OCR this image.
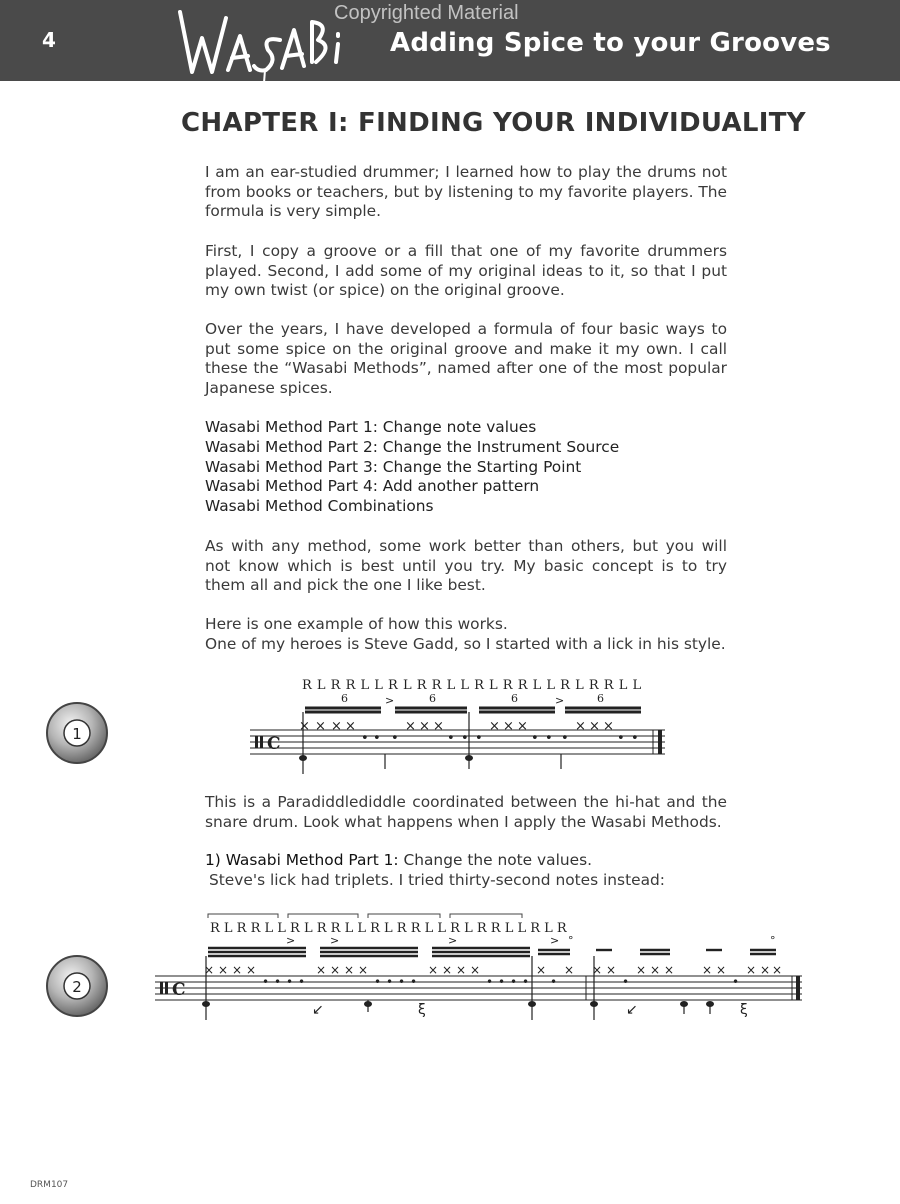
4	Adding Spice to your Grooves
Copyrighted Material
CHAPTER I: FINDING YOUR INDIVIDUALITY
I am an ear-studied drummer; I learned how to play the drums not from books or teachers, but by listening to my favorite players. The formula is very simple.
First, I copy a groove or a fill that one of my favorite drummers played. Second, I add some of my original ideas to it, so that I put my own twist (or spice) on the original groove.
Over the years, I have developed a formula of four basic ways to put some spice on the original groove and make it my own. I call these the “Wasabi Methods”, named after one of the most popular Japanese spices.
Wasabi Method Part 1: Change note values
Wasabi Method Part 2: Change the Instrument Source
Wasabi Method Part 3: Change the Starting Point
Wasabi Method Part 4: Add another pattern
Wasabi Method Combinations
As with any method, some work better than others, but you will not know which is best until you try. My basic concept is to try them all and pick the one I like best.
Here is one example of how this works.
One of my heroes is Steve Gadd, so I started with a lick in his style.
1
R L R R L L R L R R L L R L R R L L R L R R L L
6	6	6	6
C
× × × ×
• • •
× × ×
• • •
× × ×
• • •
× × ×
• •
>	>
This is a Paradiddlediddle coordinated between the hi-hat and the snare drum. Look what happens when I apply the Wasabi Methods.
1) Wasabi Method Part 1: Change the note values.
Steve's lick had triplets. I tried thirty-second notes instead:
2
R L R R L L R L R R L L R L R R L L R L R R L L R L R
C
× × × ×
• • • •
× × × ×
• • • •
× × × ×
• • • •
×
•
× × ×
•
× × × × ×
•
× × ×
>	>	>	> °	°
↙	ξ	↙	ξ
DRM107
